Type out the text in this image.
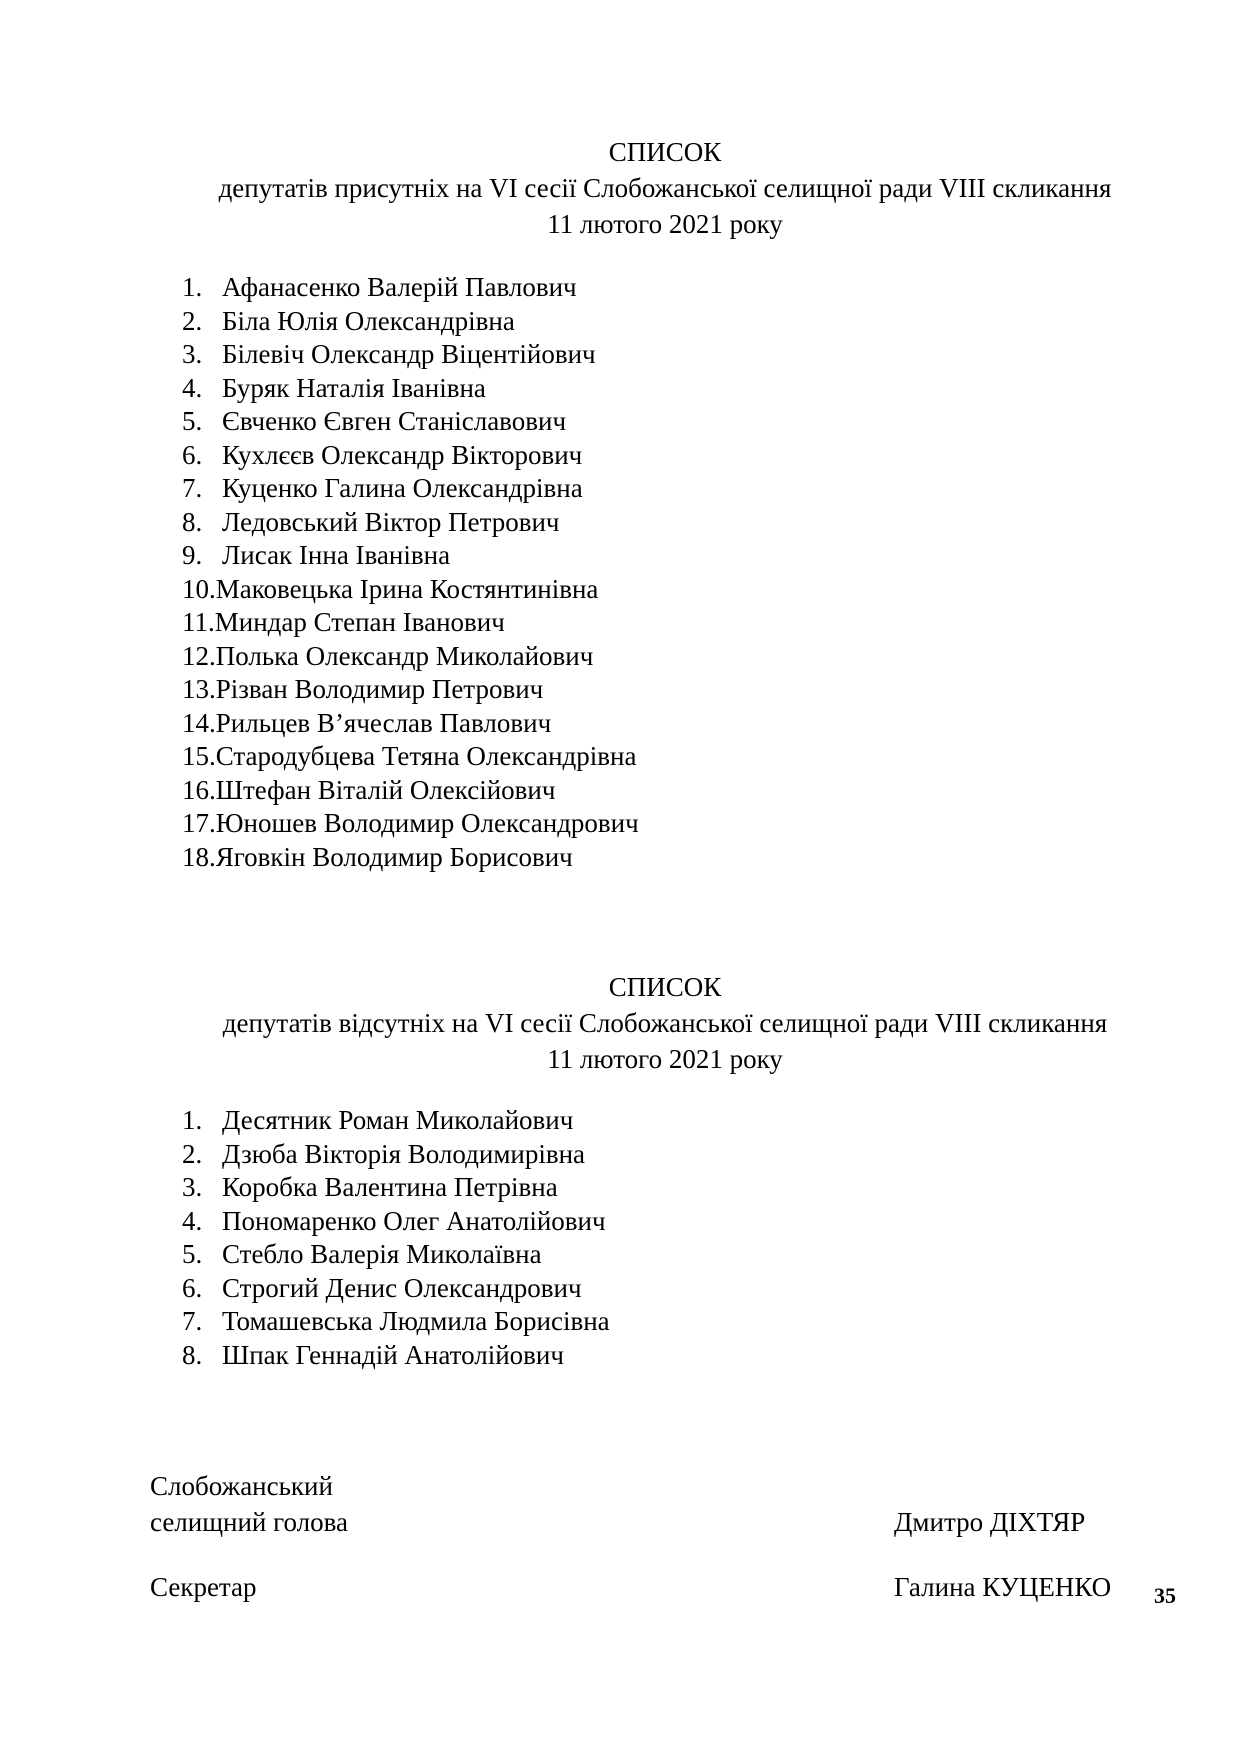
СПИСОК
депутатів присутніх на VI сесії Слобожанської селищної ради VIII скликання
11 лютого 2021 року
1. Афанасенко Валерій Павлович
2. Біла Юлія Олександрівна
3. Білевіч Олександр Віцентійович
4. Буряк Наталія Іванівна
5. Євченко Євген Станіславович
6. Кухлєєв Олександр Вікторович
7. Куценко Галина Олександрівна
8. Ледовський Віктор Петрович
9. Лисак Інна Іванівна
10.Маковецька Ірина Костянтинівна
11.Миндар Степан Іванович
12.Полька Олександр Миколайович
13.Різван Володимир Петрович
14.Рильцев В’ячеслав Павлович
15.Стародубцева Тетяна Олександрівна
16.Штефан Віталій Олексійович
17.Юношев Володимир Олександрович
18.Яговкін Володимир Борисович
СПИСОК
депутатів відсутніх на VI сесії Слобожанської селищної ради VIII скликання
11 лютого 2021 року
1. Десятник Роман Миколайович
2. Дзюба Вікторія Володимирівна
3. Коробка Валентина Петрівна
4. Пономаренко Олег Анатолійович
5. Стебло Валерія Миколаївна
6. Строгий Денис Олександрович
7. Томашевська Людмила Борисівна
8. Шпак Геннадій Анатолійович
Слобожанський
селищний голова	Дмитро ДІХТЯР
Секретар	Галина КУЦЕНКО 35
